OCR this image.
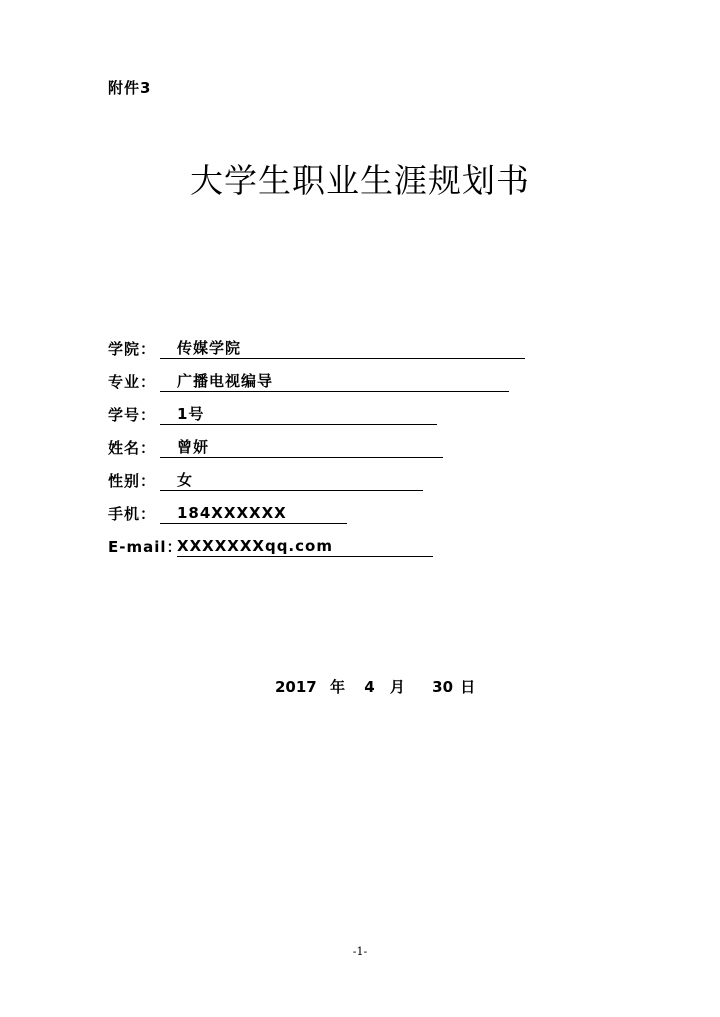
附件3
大学生职业生涯规划书
学院：	传媒学院
专业：	广播电视编导
学号：	1号
姓名：	曾妍
性别：	女
手机：	184XXXXXX
E-mail：
XXXXXXXqq.com
2017 年 4 月 30 日
-1-
